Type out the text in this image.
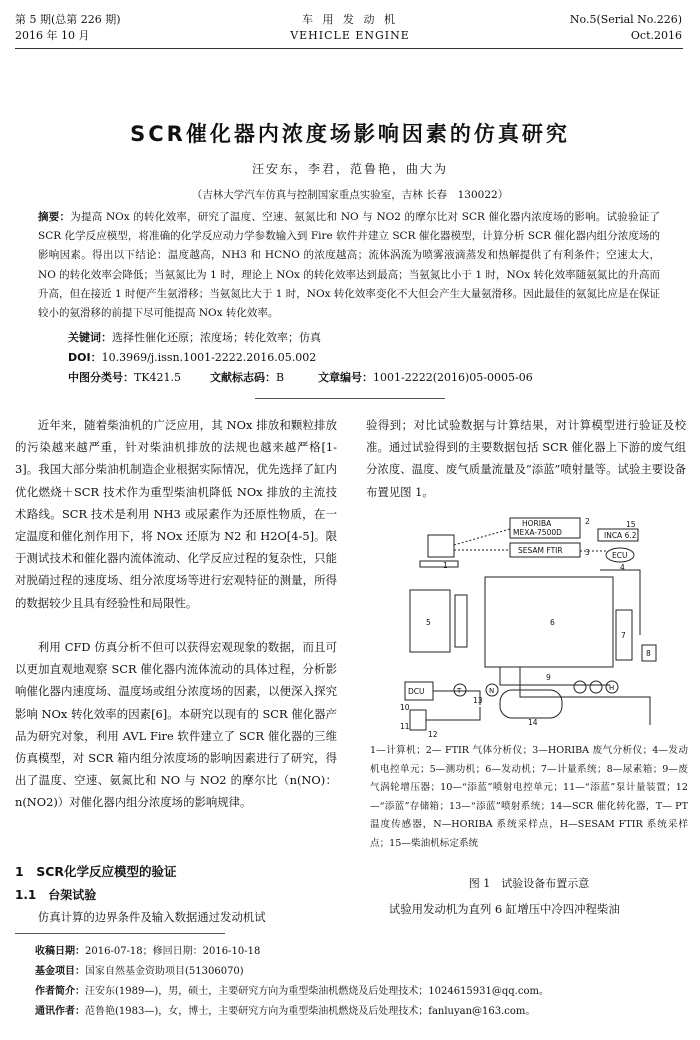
第 5 期(总第 226 期)
2016 年 10 月
车 用 发 动 机
VEHICLE ENGINE
No.5(Serial No.226)
Oct.2016
SCR催化器内浓度场影响因素的仿真研究
汪安东，李君，范鲁艳，曲大为
（吉林大学汽车仿真与控制国家重点实验室，吉林 长春　130022）
摘要：为提高 NOx 的转化效率，研究了温度、空速、氨氮比和 NO 与 NO2 的摩尔比对 SCR 催化器内浓度场的影响。试验验证了 SCR 化学反应模型，将准确的化学反应动力学参数输入到 Fire 软件并建立 SCR 催化器模型，计算分析 SCR 催化器内组分浓度场的影响因素。得出以下结论：温度越高，NH3 和 HCNO 的浓度越高；流体涡流为喷雾液滴蒸发和热解提供了有利条件；空速太大，NO 的转化效率会降低；当氨氮比为 1 时，理论上 NOx 的转化效率达到最高；当氨氮比小于 1 时，NOx 转化效率随氨氮比的升高而升高，但在接近 1 时便产生氨滑移；当氨氮比大于 1 时，NOx 转化效率变化不大但会产生大量氨滑移。因此最佳的氨氮比应是在保证较小的氨滑移的前提下尽可能提高 NOx 转化效率。
关键词：选择性催化还原；浓度场；转化效率；仿真
DOI：10.3969/j.issn.1001-2222.2016.05.002
中图分类号：TK421.5	文献标志码：B	文章编号：1001-2222(2016)05-0005-06
近年来，随着柴油机的广泛应用，其 NOx 排放和颗粒排放的污染越来越严重，针对柴油机排放的法规也越来越严格[1-3]。我国大部分柴油机制造企业根据实际情况，优先选择了缸内优化燃烧＋SCR 技术作为重型柴油机降低 NOx 排放的主流技术路线。SCR 技术是利用 NH3 或尿素作为还原性物质，在一定温度和催化剂作用下，将 NOx 还原为 N2 和 H2O[4-5]。限于测试技术和催化器内流体流动、化学反应过程的复杂性，只能对脱硝过程的速度场、组分浓度场等进行宏观特征的测量，所得的数据较少且具有经验性和局限性。
利用 CFD 仿真分析不但可以获得宏观现象的数据，而且可以更加直观地观察 SCR 催化器内流体流动的具体过程，分析影响催化器内速度场、温度场或组分浓度场的因素，以便深入探究影响 NOx 转化效率的因素[6]。本研究以现有的 SCR 催化器产品为研究对象，利用 AVL Fire 软件建立了 SCR 催化器的三维仿真模型，对 SCR 箱内组分浓度场的影响因素进行了研究，得出了温度、空速、氨氮比和 NO 与 NO2 的摩尔比（n(NO)：n(NO2)）对催化器内组分浓度场的影响规律。
1　SCR化学反应模型的验证
1.1　台架试验
仿真计算的边界条件及输入数据通过发动机试
验得到；对比试验数据与计算结果，对计算模型进行验证及校准。通过试验得到的主要数据包括 SCR 催化器上下游的废气组分浓度、温度、废气质量流量及“添蓝”喷射量等。试验主要设备布置见图 1。
HORIBA
MEXA-7500D
SESAM FTIR
INCA 6.2
ECU
DCU
1
2
3
4
5	6
7
8
9
10
11
12
13
14
15
T	N	H
1—计算机；2— FTIR 气体分析仪；3—HORIBA 废气分析仪；4—发动机电控单元；5—测功机；6—发动机；7—计量系统；8—尿素箱；9—废气涡轮增压器；10—“添蓝”喷射电控单元；11—“添蓝”泵计量装置；12—“添蓝”存储箱；13—“添蓝”喷射系统；14—SCR 催化转化器，T— PT 温度传感器，N—HORIBA 系统采样点，H—SESAM FTIR 系统采样点；15—柴油机标定系统
图 1　试验设备布置示意
试验用发动机为直列 6 缸增压中冷四冲程柴油
收稿日期：2016-07-18；修回日期：2016-10-18
基金项目：国家自然基金资助项目(51306070)
作者简介：汪安东(1989—)，男，硕士，主要研究方向为重型柴油机燃烧及后处理技术；1024615931@qq.com。
通讯作者：范鲁艳(1983—)，女，博士，主要研究方向为重型柴油机燃烧及后处理技术；fanluyan@163.com。
